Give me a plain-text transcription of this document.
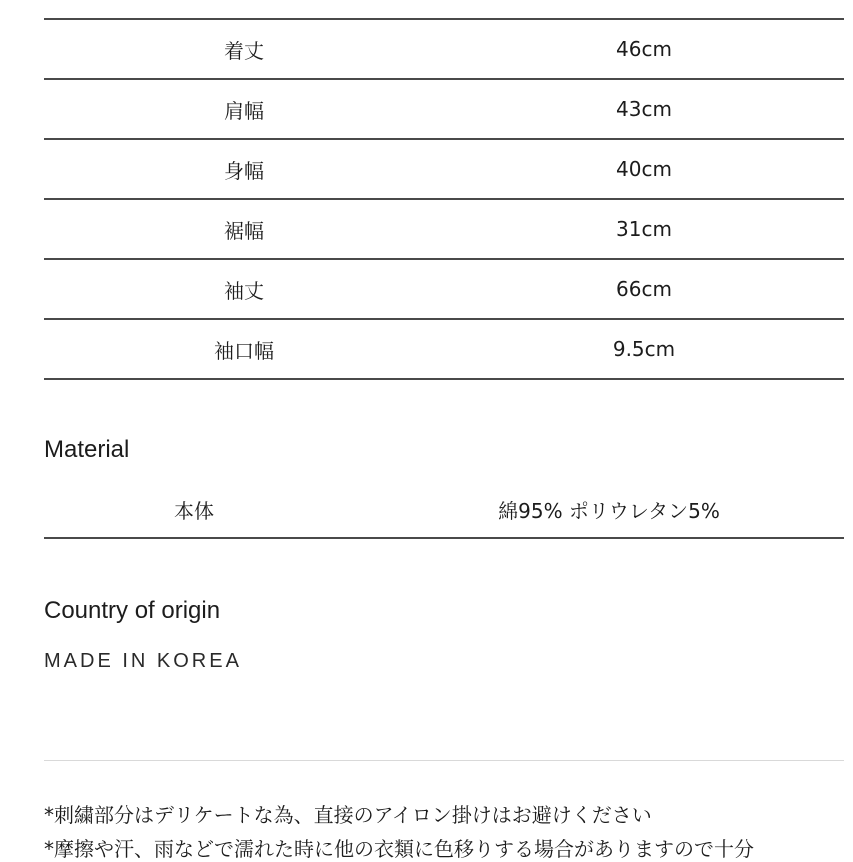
着丈	46cm
肩幅	43cm
身幅	40cm
裾幅	31cm
袖丈	66cm
袖口幅	9.5cm
Material
本体	綿95% ポリウレタン5%
Country of origin
MADE IN KOREA
*刺繍部分はデリケートな為、直接のアイロン掛けはお避けください
*摩擦や汗、雨などで濡れた時に他の衣類に色移りする場合がありますので十分
